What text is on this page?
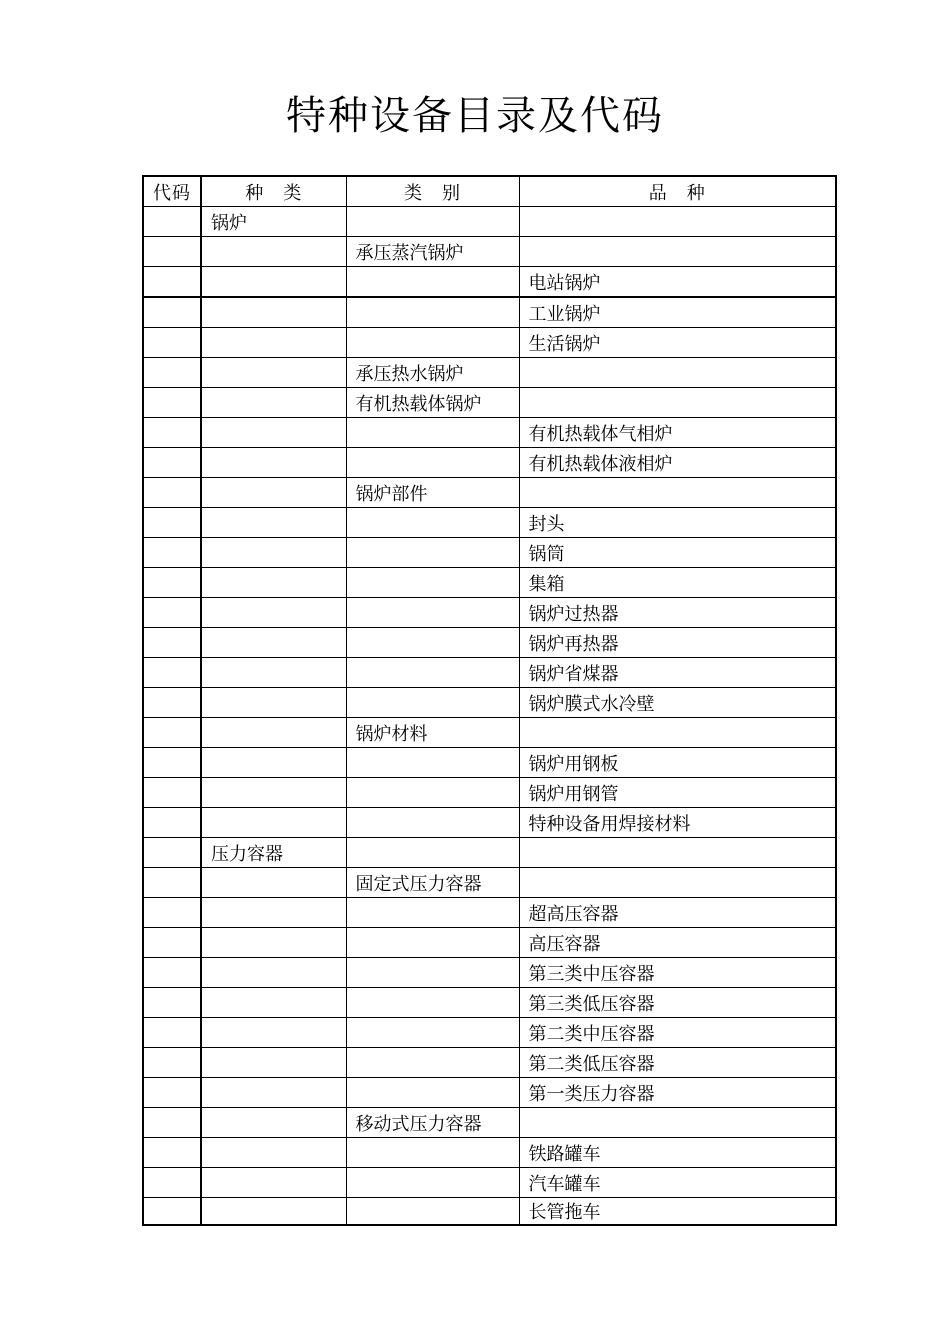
特种设备目录及代码
代码	种　类	类　别	品　种
	锅炉		
		承压蒸汽锅炉	
			电站锅炉
			工业锅炉
			生活锅炉
		承压热水锅炉	
		有机热载体锅炉	
			有机热载体气相炉
			有机热载体液相炉
		锅炉部件	
			封头
			锅筒
			集箱
			锅炉过热器
			锅炉再热器
			锅炉省煤器
			锅炉膜式水冷壁
		锅炉材料	
			锅炉用钢板
			锅炉用钢管
			特种设备用焊接材料
	压力容器		
		固定式压力容器	
			超高压容器
			高压容器
			第三类中压容器
			第三类低压容器
			第二类中压容器
			第二类低压容器
			第一类压力容器
		移动式压力容器	
			铁路罐车
			汽车罐车
			长管拖车
